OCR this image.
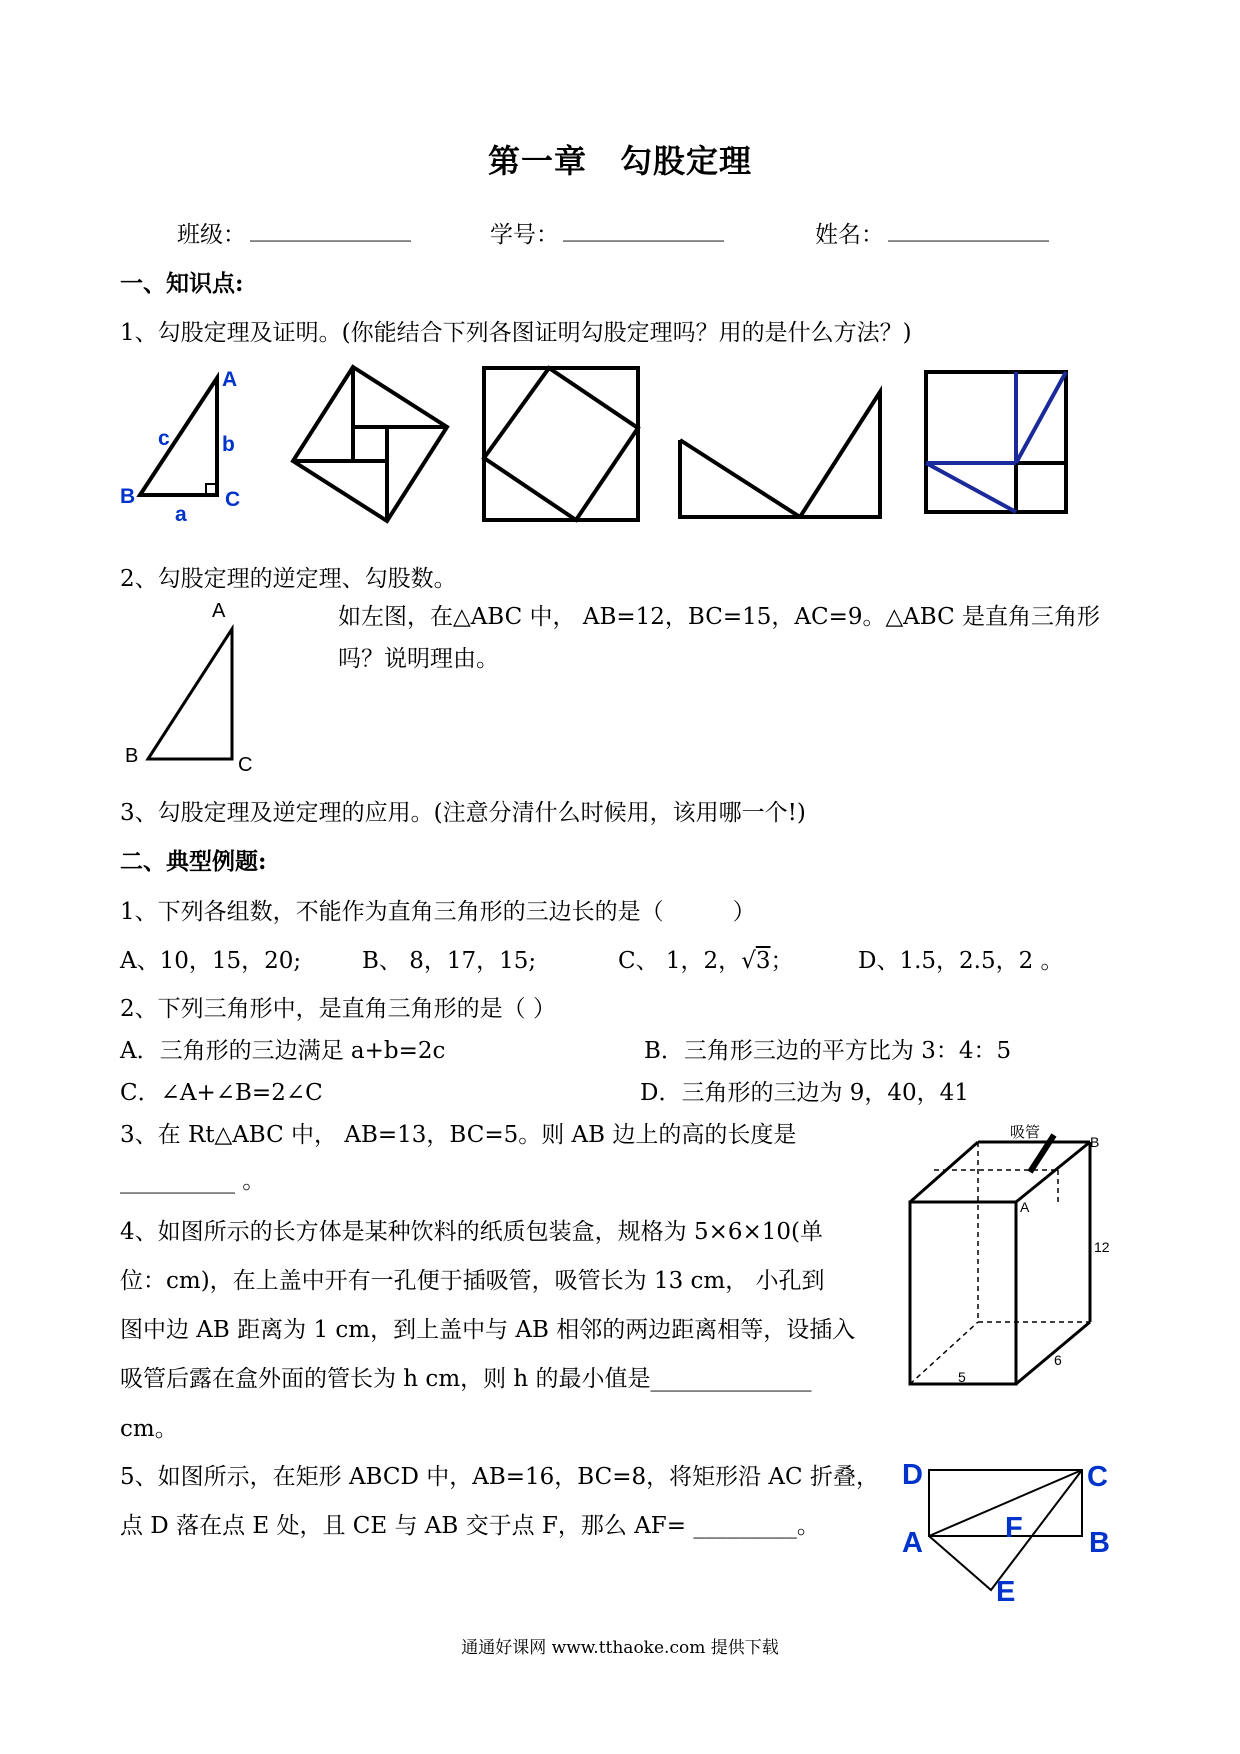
第一章　勾股定理
班级： ______________	学号： ______________	姓名： ______________
一、知识点:
1、勾股定理及证明。(你能结合下列各图证明勾股定理吗？用的是什么方法？)
A
b
c
B
a
C
A
B	C
吸管
B
A
12
6
5
D	C
A	F B
E
2、勾股定理的逆定理、勾股数。
如左图，在△ABC 中， AB=12，BC=15，AC=9。△ABC 是直角三角形
吗？说明理由。
3、勾股定理及逆定理的应用。(注意分清什么时候用，该用哪一个!)
二、典型例题:
1、下列各组数，不能作为直角三角形的三边长的是（　　　）
A、10，15，20;	B、 8，17，15;	C、 1，2，√3；	D、1.5，2.5，2 。
2、下列三角形中，是直角三角形的是（ ）
A．三角形的三边满足 a+b=2c	B．三角形三边的平方比为 3：4：5
C．∠A+∠B=2∠C	D．三角形的三边为 9，40，41
3、在 Rt△ABC 中， AB=13，BC=5。则 AB 边上的高的长度是
__________ 。
4、如图所示的长方体是某种饮料的纸质包装盒，规格为 5×6×10(单
位：cm)，在上盖中开有一孔便于插吸管，吸管长为 13 cm， 小孔到
图中边 AB 距离为 1 cm，到上盖中与 AB 相邻的两边距离相等，设插入
吸管后露在盒外面的管长为 h cm，则 h 的最小值是______________
cm。
5、如图所示，在矩形 ABCD 中，AB=16，BC=8，将矩形沿 AC 折叠，
点 D 落在点 E 处，且 CE 与 AB 交于点 F，那么 AF= _________。
通通好课网 www.tthaoke.com 提供下载
